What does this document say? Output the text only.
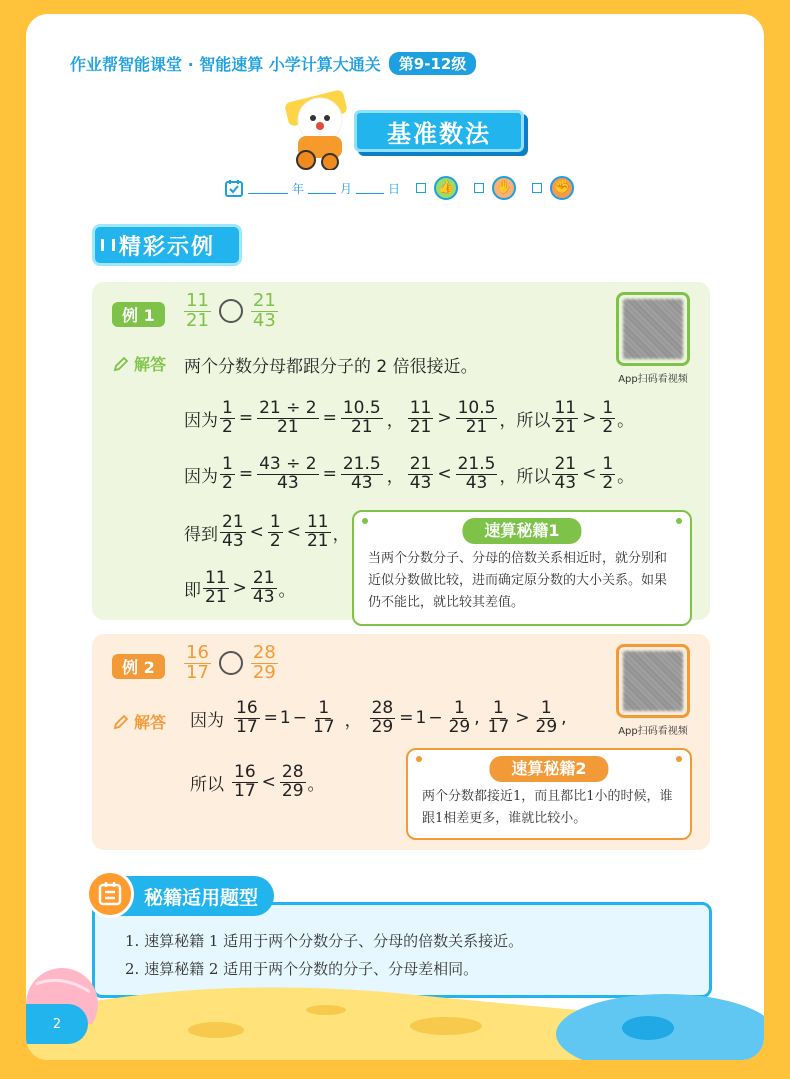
作业帮智能课堂 · 智能速算 小学计算大通关	第9-12级
基准数法
年	月	日	👍	✋	✊
精彩示例
例 1	$\frac{11}{21} \frac{21}{43}$
App扫码看视频
解答 两个分数分母都跟分子的 2 倍很接近。
因为 $\frac{1}{2} = \frac{21 \div 2}{21} = \frac{10.5}{21}$ ， $\frac{11}{21} > \frac{10.5}{21}$ ，所以 $\frac{11}{21} > \frac{1}{2}$ 。
因为 $\frac{1}{2} = \frac{43 \div 2}{43} = \frac{21.5}{43}$ ， $\frac{21}{43} < \frac{21.5}{43}$ ，所以 $\frac{21}{43} < \frac{1}{2}$ 。
得到 $\frac{21}{43} < \frac{1}{2} < \frac{11}{21}$ ，
即 $\frac{11}{21} > \frac{21}{43}$ 。
速算秘籍1
当两个分数分子、分母的倍数关系相近时，就分别和近似分数做比较，进而确定原分数的大小关系。如果仍不能比，就比较其差值。
例 2	$\frac{16}{17} \frac{28}{29}$
App扫码看视频
解答 因为 $\frac{16}{17} = 1 - \frac{1}{17}$ ， $\frac{28}{29} = 1 - \frac{1}{29}$ , $\frac{1}{17} > \frac{1}{29}$ ,
所以 $\frac{16}{17} < \frac{28}{29}$ 。
速算秘籍2
两个分数都接近1，而且都比1小的时候，谁跟1相差更多，谁就比较小。
1. 速算秘籍 1 适用于两个分数分子、分母的倍数关系接近。
2. 速算秘籍 2 适用于两个分数的分子、分母差相同。
秘籍适用题型
2
